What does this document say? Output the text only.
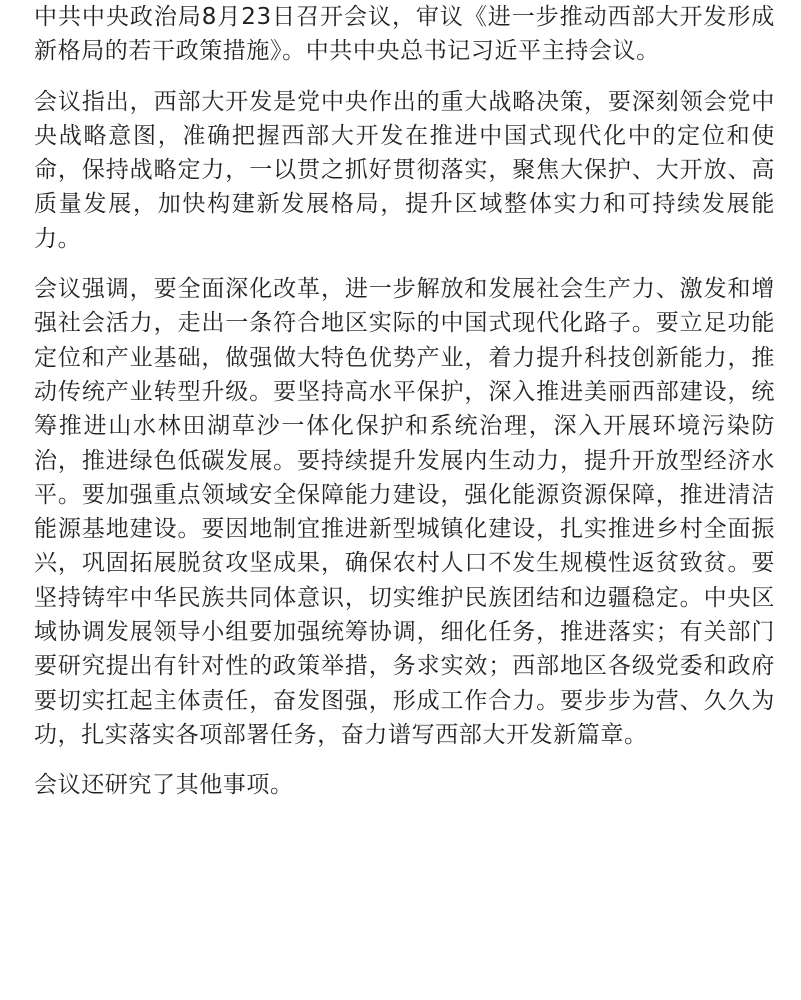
中共中央政治局8月23日召开会议，审议《进一步推动西部大开发形成新格局的若干政策措施》。中共中央总书记习近平主持会议。

会议指出，西部大开发是党中央作出的重大战略决策，要深刻领会党中央战略意图，准确把握西部大开发在推进中国式现代化中的定位和使命，保持战略定力，一以贯之抓好贯彻落实，聚焦大保护、大开放、高质量发展，加快构建新发展格局，提升区域整体实力和可持续发展能力。

会议强调，要全面深化改革，进一步解放和发展社会生产力、激发和增强社会活力，走出一条符合地区实际的中国式现代化路子。要立足功能定位和产业基础，做强做大特色优势产业，着力提升科技创新能力，推动传统产业转型升级。要坚持高水平保护，深入推进美丽西部建设，统筹推进山水林田湖草沙一体化保护和系统治理，深入开展环境污染防治，推进绿色低碳发展。要持续提升发展内生动力，提升开放型经济水平。要加强重点领域安全保障能力建设，强化能源资源保障，推进清洁能源基地建设。要因地制宜推进新型城镇化建设，扎实推进乡村全面振兴，巩固拓展脱贫攻坚成果，确保农村人口不发生规模性返贫致贫。要坚持铸牢中华民族共同体意识，切实维护民族团结和边疆稳定。中央区域协调发展领导小组要加强统筹协调，细化任务，推进落实；有关部门要研究提出有针对性的政策举措，务求实效；西部地区各级党委和政府要切实扛起主体责任，奋发图强，形成工作合力。要步步为营、久久为功，扎实落实各项部署任务，奋力谱写西部大开发新篇章。

会议还研究了其他事项。
